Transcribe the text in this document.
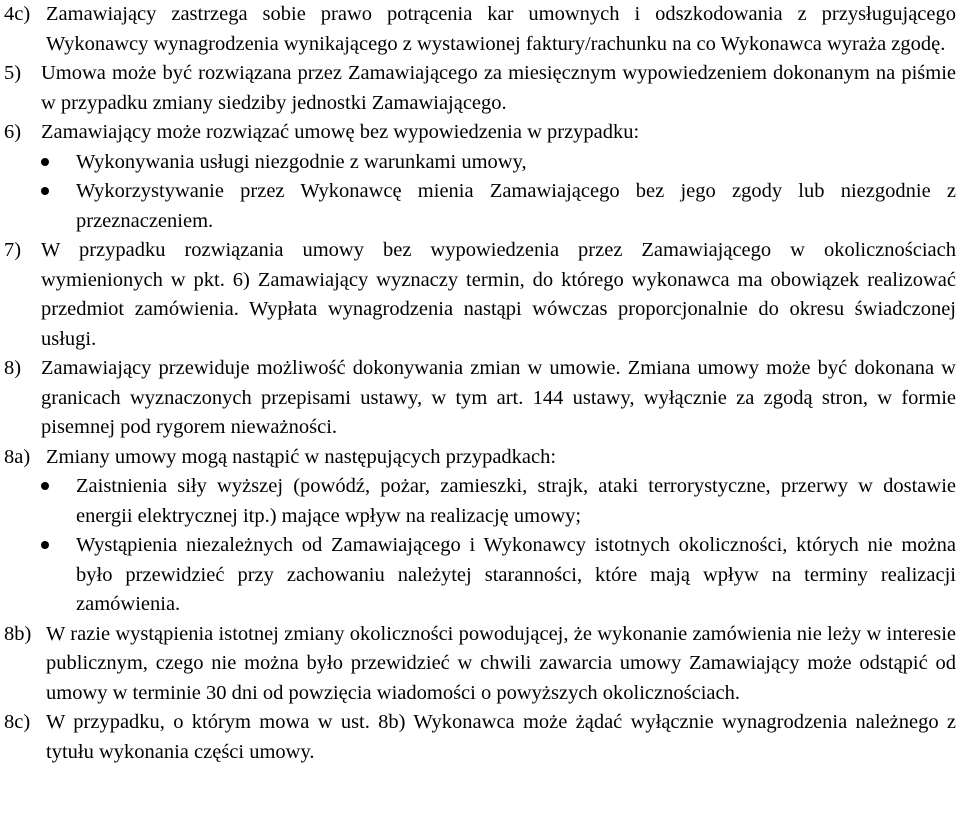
4c) Zamawiający zastrzega sobie prawo potrącenia kar umownych i odszkodowania z przysługującego Wykonawcy wynagrodzenia wynikającego z wystawionej faktury/rachunku na co Wykonawca wyraża zgodę.

5) Umowa może być rozwiązana przez Zamawiającego za miesięcznym wypowiedzeniem dokonanym na piśmie w przypadku zmiany siedziby jednostki Zamawiającego.

6) Zamawiający może rozwiązać umowę bez wypowiedzenia w przypadku:

Wykonywania usługi niezgodnie z warunkami umowy,

Wykorzystywanie przez Wykonawcę mienia Zamawiającego bez jego zgody lub niezgodnie z przeznaczeniem.

7) W przypadku rozwiązania umowy bez wypowiedzenia przez Zamawiającego w okolicznościach wymienionych w pkt. 6) Zamawiający wyznaczy termin, do którego wykonawca ma obowiązek realizować przedmiot zamówienia. Wypłata wynagrodzenia nastąpi wówczas proporcjonalnie do okresu świadczonej usługi.

8) Zamawiający przewiduje możliwość dokonywania zmian w umowie. Zmiana umowy może być dokonana w granicach wyznaczonych przepisami ustawy, w tym art. 144 ustawy, wyłącznie za zgodą stron, w formie pisemnej pod rygorem nieważności.

8a) Zmiany umowy mogą nastąpić w następujących przypadkach:

Zaistnienia siły wyższej (powódź, pożar, zamieszki, strajk, ataki terrorystyczne, przerwy w dostawie energii elektrycznej itp.) mające wpływ na realizację umowy;

Wystąpienia niezależnych od Zamawiającego i Wykonawcy istotnych okoliczności, których nie można było przewidzieć przy zachowaniu należytej staranności, które mają wpływ na terminy realizacji zamówienia.

8b) W razie wystąpienia istotnej zmiany okoliczności powodującej, że wykonanie zamówienia nie leży w interesie publicznym, czego nie można było przewidzieć w chwili zawarcia umowy Zamawiający może odstąpić od umowy w terminie 30 dni od powzięcia wiadomości o powyższych okolicznościach.

8c) W przypadku, o którym mowa w ust. 8b) Wykonawca może żądać wyłącznie wynagrodzenia należnego z tytułu wykonania części umowy.
